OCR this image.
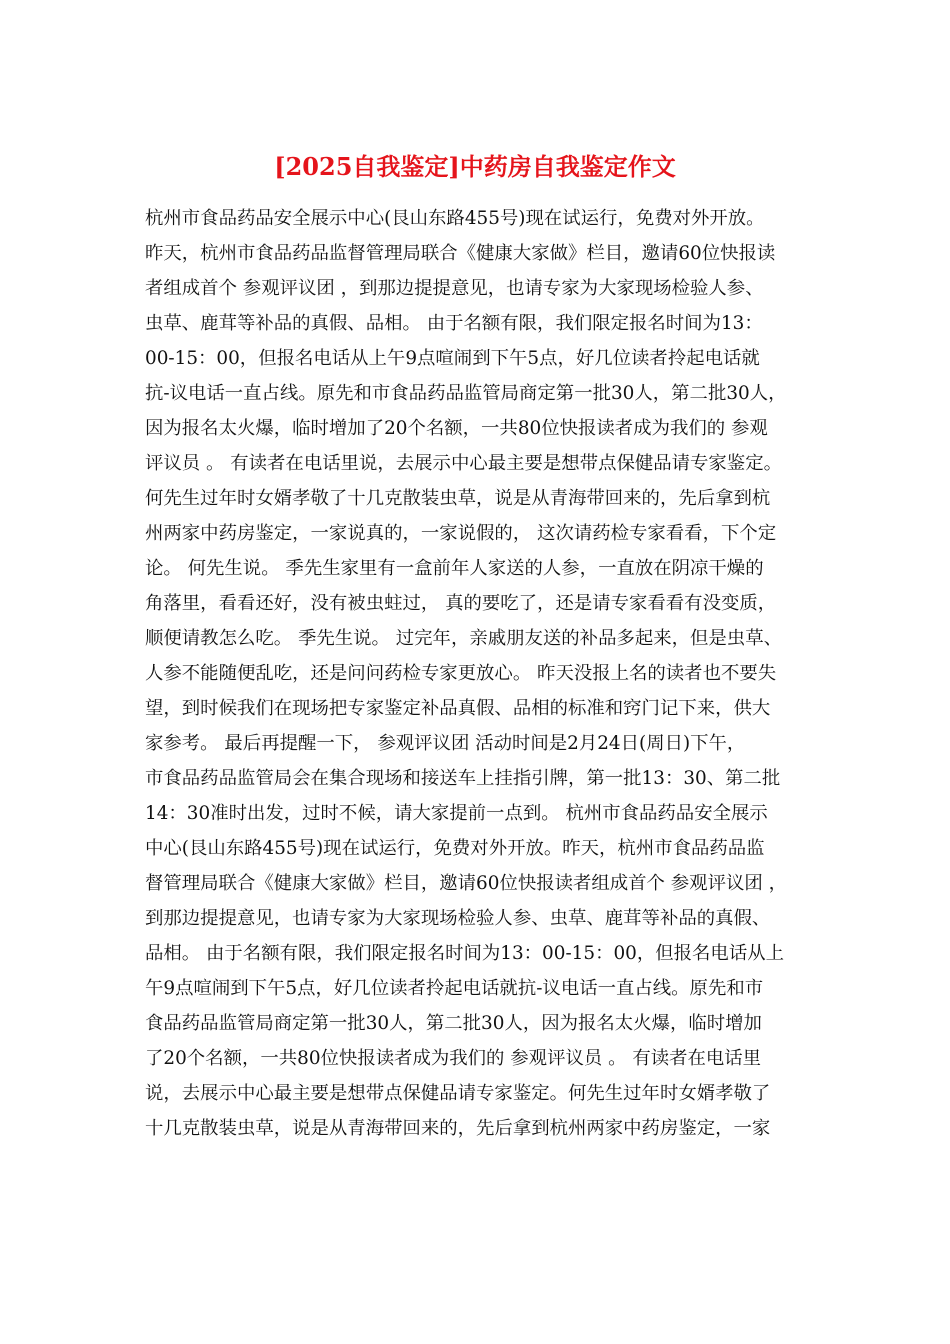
[2025自我鉴定]中药房自我鉴定作文
杭州市食品药品安全展示中心(艮山东路455号)现在试运行，免费对外开放。
昨天，杭州市食品药品监督管理局联合《健康大家做》栏目，邀请60位快报读
者组成首个 参观评议团 ，到那边提提意见，也请专家为大家现场检验人参、
虫草、鹿茸等补品的真假、品相。 由于名额有限，我们限定报名时间为13：
00-15：00，但报名电话从上午9点喧闹到下午5点，好几位读者拎起电话就
抗-议电话一直占线。原先和市食品药品监管局商定第一批30人，第二批30人，
因为报名太火爆，临时增加了20个名额，一共80位快报读者成为我们的 参观
评议员 。 有读者在电话里说，去展示中心最主要是想带点保健品请专家鉴定。
何先生过年时女婿孝敬了十几克散装虫草，说是从青海带回来的，先后拿到杭
州两家中药房鉴定，一家说真的，一家说假的， 这次请药检专家看看，下个定
论。 何先生说。 季先生家里有一盒前年人家送的人参，一直放在阴凉干燥的
角落里，看看还好，没有被虫蛀过， 真的要吃了，还是请专家看看有没变质，
顺便请教怎么吃。 季先生说。 过完年，亲戚朋友送的补品多起来，但是虫草、
人参不能随便乱吃，还是问问药检专家更放心。 昨天没报上名的读者也不要失
望，到时候我们在现场把专家鉴定补品真假、品相的标准和窍门记下来，供大
家参考。 最后再提醒一下， 参观评议团 活动时间是2月24日(周日)下午，
市食品药品监管局会在集合现场和接送车上挂指引牌，第一批13：30、第二批
14：30准时出发，过时不候，请大家提前一点到。 杭州市食品药品安全展示
中心(艮山东路455号)现在试运行，免费对外开放。昨天，杭州市食品药品监
督管理局联合《健康大家做》栏目，邀请60位快报读者组成首个 参观评议团 ，
到那边提提意见，也请专家为大家现场检验人参、虫草、鹿茸等补品的真假、
品相。 由于名额有限，我们限定报名时间为13：00-15：00，但报名电话从上
午9点喧闹到下午5点，好几位读者拎起电话就抗-议电话一直占线。原先和市
食品药品监管局商定第一批30人，第二批30人，因为报名太火爆，临时增加
了20个名额，一共80位快报读者成为我们的 参观评议员 。 有读者在电话里
说，去展示中心最主要是想带点保健品请专家鉴定。何先生过年时女婿孝敬了
十几克散装虫草，说是从青海带回来的，先后拿到杭州两家中药房鉴定，一家
